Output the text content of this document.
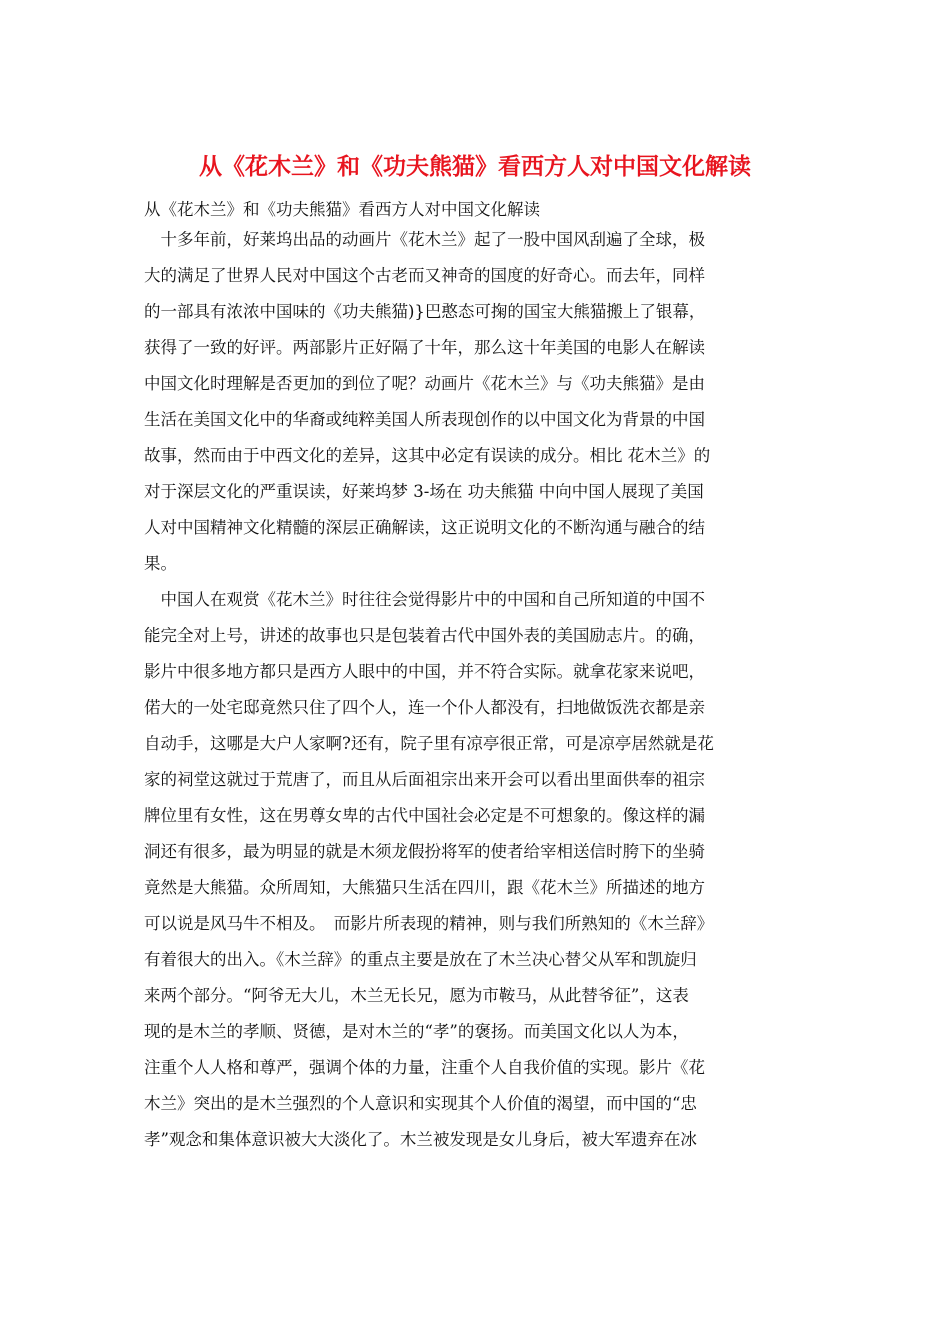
从《花木兰》和《功夫熊猫》看西方人对中国文化解读
从《花木兰》和《功夫熊猫》看西方人对中国文化解读
　十多年前，好莱坞出品的动画片《花木兰》起了一股中国风刮遍了全球，极
大的满足了世界人民对中国这个古老而又神奇的国度的好奇心。而去年，同样
的一部具有浓浓中国味的《功夫熊猫)}巴憨态可掬的国宝大熊猫搬上了银幕，
获得了一致的好评。两部影片正好隔了十年，那么这十年美国的电影人在解读
中国文化时理解是否更加的到位了呢？动画片《花木兰》与《功夫熊猫》是由
生活在美国文化中的华裔或纯粹美国人所表现创作的以中国文化为背景的中国
故事，然而由于中西文化的差异，这其中必定有误读的成分。相比 花木兰》的
对于深层文化的严重误读，好莱坞梦 3-场在 功夫熊猫 中向中国人展现了美国
人对中国精神文化精髓的深层正确解读，这正说明文化的不断沟通与融合的结
果。
　中国人在观赏《花木兰》时往往会觉得影片中的中国和自己所知道的中国不
能完全对上号，讲述的故事也只是包装着古代中国外表的美国励志片。的确，
影片中很多地方都只是西方人眼中的中国，并不符合实际。就拿花家来说吧，
偌大的一处宅邸竟然只住了四个人，连一个仆人都没有，扫地做饭洗衣都是亲
自动手，这哪是大户人家啊?还有，院子里有凉亭很正常，可是凉亭居然就是花
家的祠堂这就过于荒唐了，而且从后面祖宗出来开会可以看出里面供奉的祖宗
牌位里有女性，这在男尊女卑的古代中国社会必定是不可想象的。像这样的漏
洞还有很多，最为明显的就是木须龙假扮将军的使者给宰相送信时胯下的坐骑
竟然是大熊猫。众所周知，大熊猫只生活在四川，跟《花木兰》所描述的地方
可以说是风马牛不相及。　而影片所表现的精神，则与我们所熟知的《木兰辞》
有着很大的出入。《木兰辞》的重点主要是放在了木兰决心替父从军和凯旋归
来两个部分。“阿爷无大儿，木兰无长兄，愿为市鞍马，从此替爷征”，这表
现的是木兰的孝顺、贤德，是对木兰的“孝”的褒扬。而美国文化以人为本，
注重个人人格和尊严，强调个体的力量，注重个人自我价值的实现。影片《花
木兰》突出的是木兰强烈的个人意识和实现其个人价值的渴望，而中国的“忠
孝”观念和集体意识被大大淡化了。木兰被发现是女儿身后，被大军遗弃在冰
